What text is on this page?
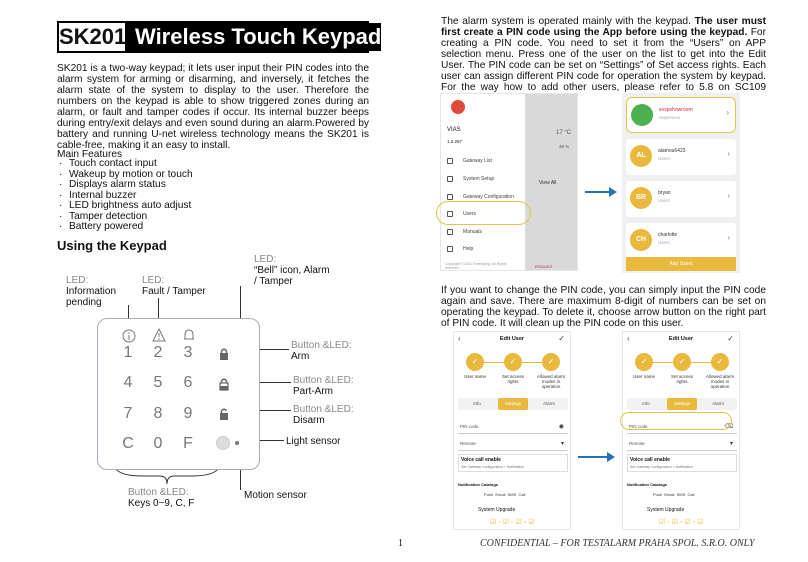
SK201 Wireless Touch Keypad

SK201 is a two-way keypad; it lets user input their PIN codes into the alarm system for arming or disarming, and inversely, it fetches the alarm state of the system to display to the user. Therefore the numbers on the keypad is able to show triggered zones during an alarm, or fault and tamper codes if occur. Its internal buzzer beeps during entry/exit delays and even sound during an alarm.Powered by battery and running U-net wireless technology means the SK201 is cable-free, making it an easy to install.

Main Features
· Touch contact input
· Wakeup by motion or touch
· Displays alarm status
· Internal buzzer
· LED brightness auto adjust
· Tamper detection
· Battery powered
Using the Keypad
LED:
Information
pending
LED:
Fault / Tamper
LED:
“Bell” icon, Alarm
/ Tamper
Button &LED:
Arm
Button &LED:
Part-Arm
Button &LED:
Disarm
Light sensor
Motion sensor
Button &LED:
Keys 0~9, C, F
1	2	3
4	5	6
7	8	9
C	0	F

The alarm system is operated mainly with the keypad. The user must first create a PIN code using the App before using the keypad. For creating a PIN code. You need to set it from the “Users” on APP selection menu. Press one of the user on the list to get into the Edit User. The PIN code can be set on “Settings” of Set access rights. Each user can assign different PIN code for operation the system by keypad. For the way how to add other users, please refer to 5.8 on SC109

VIAS
1.2.267
17 °C
36 %
View All
Gateway List
System Setup
Gateway Configuration
Users
Manuals
Help
Copyright © 2021 Emergoing. All Rights reserved	RODUES
evspshowroom
Supervisor
›
AL
alamou6423
Users
›
BR
bryan
Users
›
CH
charlotte
Users
›
Add Users

If you want to change the PIN code, you can simply input the PIN code again and save. There are maximum 8-digit of numbers can be set on operating the keypad. To delete it, choose arrow button on the right part of PIN code. It will clean up the PIN code on this user.

‹	Edit User	✓
✓	✓	✓
User name	Set access rights
Allowed alarm modes in operation
Info	Settings	Alarm
PIN code	◉
Remote	▾
Voice call enable
Set Gateway Configuration > Notification
Notification Catalogs
Push Email SMS Call
System Upgrade
☑▫☑▫☑▫☑
‹	Edit User	✓
✓	✓	✓
User name	Set access rights
Allowed alarm modes in operation
Info	Settings	Alarm
PIN code	⌫
Remote	▾
Voice call enable
Set Gateway Configuration > Notification
Notification Catalogs
Push Email SMS Call
System Upgrade
☑▫☑▫☑▫☑
1	CONFIDENTIAL – FOR TESTALARM PRAHA SPOL. S.R.O. ONLY
